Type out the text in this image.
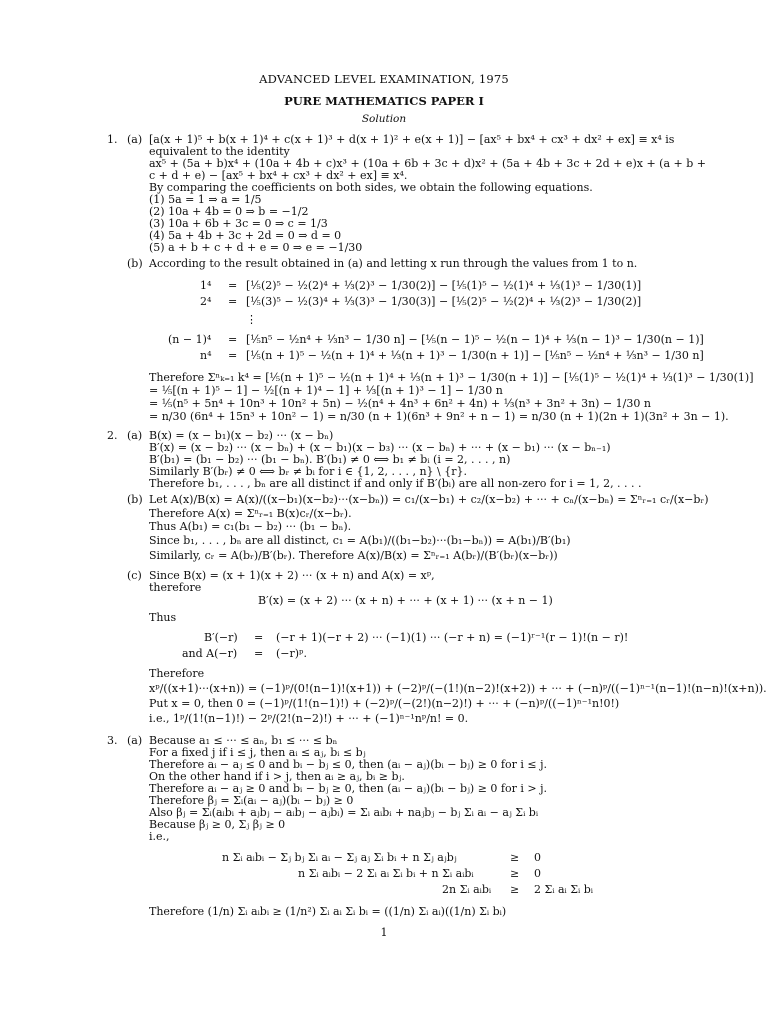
ADVANCED LEVEL EXAMINATION, 1975
PURE MATHEMATICS PAPER I
Solution
1. (a) [a(x + 1)⁵ + b(x + 1)⁴ + c(x + 1)³ + d(x + 1)² + e(x + 1)] − [ax⁵ + bx⁴ + cx³ + dx² + ex] ≡ x⁴ is
equivalent to the identity
ax⁵ + (5a + b)x⁴ + (10a + 4b + c)x³ + (10a + 6b + 3c + d)x² + (5a + 4b + 3c + 2d + e)x + (a + b +
c + d + e) − [ax⁵ + bx⁴ + cx³ + dx² + ex] ≡ x⁴.
By comparing the coefficients on both sides, we obtain the following equations.
(1) 5a = 1 ⇒ a = 1/5
(2) 10a + 4b = 0 ⇒ b = −1/2
(3) 10a + 6b + 3c = 0 ⇒ c = 1/3
(4) 5a + 4b + 3c + 2d = 0 ⇒ d = 0
(5) a + b + c + d + e = 0 ⇒ e = −1/30
(b) According to the result obtained in (a) and letting x run through the values from 1 to n.
1⁴ = [⅕(2)⁵ − ½(2)⁴ + ⅓(2)³ − 1/30(2)] − [⅕(1)⁵ − ½(1)⁴ + ⅓(1)³ − 1/30(1)]
2⁴ = [⅕(3)⁵ − ½(3)⁴ + ⅓(3)³ − 1/30(3)] − [⅕(2)⁵ − ½(2)⁴ + ⅓(2)³ − 1/30(2)]
⋮
(n − 1)⁴ = [⅕n⁵ − ½n⁴ + ⅓n³ − 1/30 n] − [⅕(n − 1)⁵ − ½(n − 1)⁴ + ⅓(n − 1)³ − 1/30(n − 1)]
n⁴ = [⅕(n + 1)⁵ − ½(n + 1)⁴ + ⅓(n + 1)³ − 1/30(n + 1)] − [⅕n⁵ − ½n⁴ + ⅓n³ − 1/30 n]
Therefore Σⁿₖ₌₁ k⁴ = [⅕(n + 1)⁵ − ½(n + 1)⁴ + ⅓(n + 1)³ − 1/30(n + 1)] − [⅕(1)⁵ − ½(1)⁴ + ⅓(1)³ − 1/30(1)]
= ⅕[(n + 1)⁵ − 1] − ½[(n + 1)⁴ − 1] + ⅓[(n + 1)³ − 1] − 1/30 n
= ⅕(n⁵ + 5n⁴ + 10n³ + 10n² + 5n) − ½(n⁴ + 4n³ + 6n² + 4n) + ⅓(n³ + 3n² + 3n) − 1/30 n
= n/30 (6n⁴ + 15n³ + 10n² − 1) = n/30 (n + 1)(6n³ + 9n² + n − 1) = n/30 (n + 1)(2n + 1)(3n² + 3n − 1).
2. (a) B(x) = (x − b₁)(x − b₂) ··· (x − bₙ)
B′(x) = (x − b₂) ··· (x − bₙ) + (x − b₁)(x − b₃) ··· (x − bₙ) + ··· + (x − b₁) ··· (x − bₙ₋₁)
B′(b₁) = (b₁ − b₂) ··· (b₁ − bₙ). B′(b₁) ≠ 0 ⟺ b₁ ≠ bᵢ (i = 2, . . . , n)
Similarly B′(bᵣ) ≠ 0 ⟺ bᵣ ≠ bᵢ for i ∈ {1, 2, . . . , n} \ {r}.
Therefore b₁, . . . , bₙ are all distinct if and only if B′(bᵢ) are all non-zero for i = 1, 2, . . . .
(b) Let A(x)/B(x) = A(x)/((x−b₁)(x−b₂)···(x−bₙ)) = c₁/(x−b₁) + c₂/(x−b₂) + ··· + cₙ/(x−bₙ) = Σⁿᵣ₌₁ cᵣ/(x−bᵣ)
Therefore A(x) = Σⁿᵣ₌₁ B(x)cᵣ/(x−bᵣ).
Thus A(b₁) = c₁(b₁ − b₂) ··· (b₁ − bₙ).
Since b₁, . . . , bₙ are all distinct, c₁ = A(b₁)/((b₁−b₂)···(b₁−bₙ)) = A(b₁)/B′(b₁)
Similarly, cᵣ = A(bᵣ)/B′(bᵣ). Therefore A(x)/B(x) = Σⁿᵣ₌₁ A(bᵣ)/(B′(bᵣ)(x−bᵣ))
(c) Since B(x) = (x + 1)(x + 2) ··· (x + n) and A(x) = xᵖ,
therefore
B′(x) = (x + 2) ··· (x + n) + ··· + (x + 1) ··· (x + n − 1)
Thus
B′(−r) = (−r + 1)(−r + 2) ··· (−1)(1) ··· (−r + n) = (−1)ʳ⁻¹(r − 1)!(n − r)!
and A(−r) = (−r)ᵖ.
Therefore
xᵖ/((x+1)···(x+n)) = (−1)ᵖ/(0!(n−1)!(x+1)) + (−2)ᵖ/(−(1!)(n−2)!(x+2)) + ··· + (−n)ᵖ/((−1)ⁿ⁻¹(n−1)!(n−n)!(x+n)).
Put x = 0, then 0 = (−1)ᵖ/(1!(n−1)!) + (−2)ᵖ/(−(2!)(n−2)!) + ··· + (−n)ᵖ/((−1)ⁿ⁻¹n!0!)
i.e., 1ᵖ/(1!(n−1)!) − 2ᵖ/(2!(n−2)!) + ··· + (−1)ⁿ⁻¹nᵖ/n! = 0.
3. (a) Because a₁ ≤ ··· ≤ aₙ, b₁ ≤ ··· ≤ bₙ
For a fixed j if i ≤ j, then aᵢ ≤ aⱼ, bᵢ ≤ bⱼ
Therefore aᵢ − aⱼ ≤ 0 and bᵢ − bⱼ ≤ 0, then (aᵢ − aⱼ)(bᵢ − bⱼ) ≥ 0 for i ≤ j.
On the other hand if i > j, then aᵢ ≥ aⱼ, bᵢ ≥ bⱼ.
Therefore aᵢ − aⱼ ≥ 0 and bᵢ − bⱼ ≥ 0, then (aᵢ − aⱼ)(bᵢ − bⱼ) ≥ 0 for i > j.
Therefore βⱼ = Σᵢ(aᵢ − aⱼ)(bᵢ − bⱼ) ≥ 0
Also βⱼ = Σᵢ(aᵢbᵢ + aⱼbⱼ − aᵢbⱼ − aⱼbᵢ) = Σᵢ aᵢbᵢ + naⱼbⱼ − bⱼ Σᵢ aᵢ − aⱼ Σᵢ bᵢ
Because βⱼ ≥ 0, Σⱼ βⱼ ≥ 0
i.e.,
n Σᵢ aᵢbᵢ − Σⱼ bⱼ Σᵢ aᵢ − Σⱼ aⱼ Σᵢ bᵢ + n Σⱼ aⱼbⱼ	≥ 0
n Σᵢ aᵢbᵢ − 2 Σᵢ aᵢ Σᵢ bᵢ + n Σᵢ aᵢbᵢ	≥ 0
2n Σᵢ aᵢbᵢ ≥ 2 Σᵢ aᵢ Σᵢ bᵢ
Therefore (1/n) Σᵢ aᵢbᵢ ≥ (1/n²) Σᵢ aᵢ Σᵢ bᵢ = ((1/n) Σᵢ aᵢ)((1/n) Σᵢ bᵢ)
1
